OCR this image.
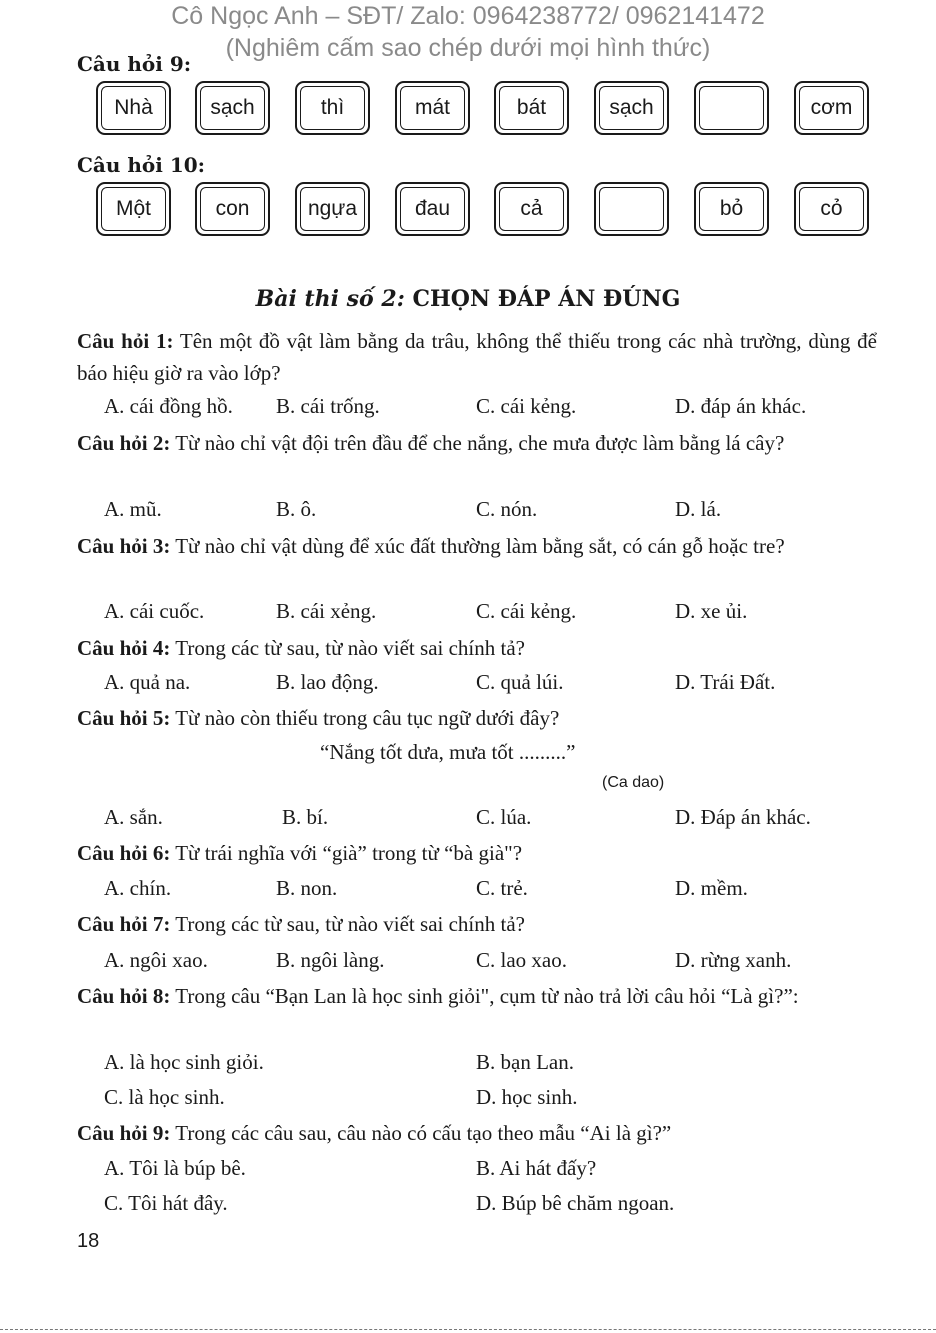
Cô Ngọc Anh – SĐT/ Zalo: 0964238772/ 0962141472
(Nghiêm cấm sao chép dưới mọi hình thức)
Câu hỏi 9:
Nhà	sạch	thì	mát	bát	sạch	cơm
Câu hỏi 10:
Một	con	ngựa	đau	cả	bỏ	cỏ
Bài thi số 2: CHỌN ĐÁP ÁN ĐÚNG
Câu hỏi 1: Tên một đồ vật làm bằng da trâu, không thể thiếu trong các nhà trường, dùng để báo hiệu giờ ra vào lớp?
A. cái đồng hồ. B. cái trống.	C. cái kẻng.	D. đáp án khác.
Câu hỏi 2: Từ nào chỉ vật đội trên đầu để che nắng, che mưa được làm bằng lá cây?
A. mũ.	B. ô.	C. nón.	D. lá.
Câu hỏi 3: Từ nào chỉ vật dùng để xúc đất thường làm bằng sắt, có cán gỗ hoặc tre?
A. cái cuốc.	B. cái xẻng.	C. cái kẻng.	D. xe ủi.
Câu hỏi 4: Trong các từ sau, từ nào viết sai chính tả?
A. quả na.	B. lao động.	C. quả lúi.	D. Trái Đất.
Câu hỏi 5: Từ nào còn thiếu trong câu tục ngữ dưới đây?
“Nắng tốt dưa, mưa tốt .........”
(Ca dao)
A. sắn.	B. bí.	C. lúa.	D. Đáp án khác.
Câu hỏi 6: Từ trái nghĩa với “già” trong từ “bà già"?
A. chín.	B. non.	C. trẻ.	D. mềm.
Câu hỏi 7: Trong các từ sau, từ nào viết sai chính tả?
A. ngôi xao.	B. ngôi làng.	C. lao xao.	D. rừng xanh.
Câu hỏi 8: Trong câu “Bạn Lan là học sinh giỏi", cụm từ nào trả lời câu hỏi “Là gì?”:
A. là học sinh giỏi.	B. bạn Lan.
C. là học sinh.	D. học sinh.
Câu hỏi 9: Trong các câu sau, câu nào có cấu tạo theo mẫu “Ai là gì?”
A. Tôi là búp bê.	B. Ai hát đấy?
C. Tôi hát đây.	D. Búp bê chăm ngoan.
18
